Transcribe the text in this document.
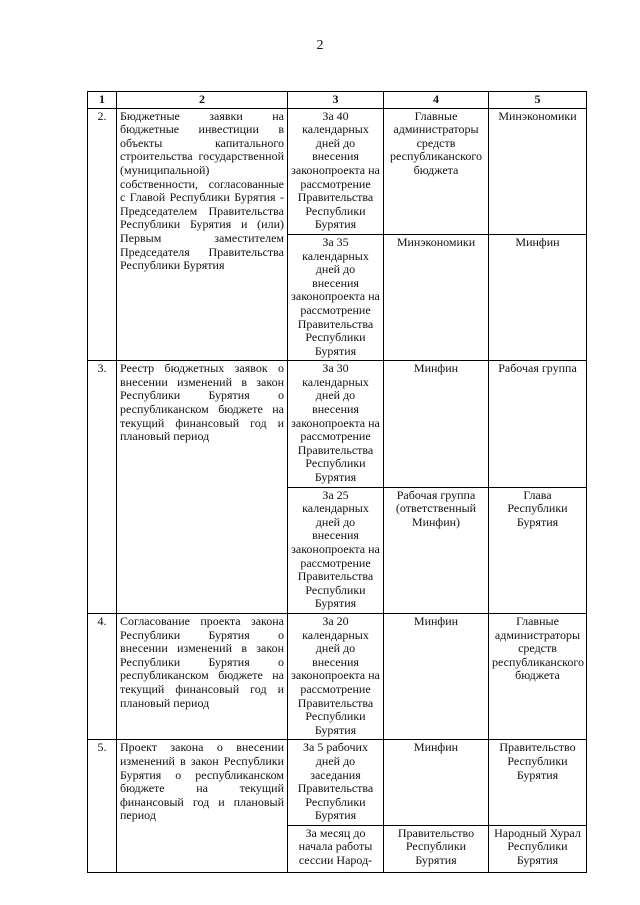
2
1	2	3	4	5
2.	Бюджетные заявки на бюджетные инвестиции в объекты капитального строительства государственной (муниципальной) собственности, согласованные с Главой Республики Бурятия - Председателем Правительства Республики Бурятия и (или) Первым заместителем Председателя Правительства Республики Бурятия	За 40 календарных дней до внесения законопроекта на рассмотрение Правительства Республики Бурятия	Главные администраторы средств республиканского бюджета	Минэкономики
		За 35 календарных дней до внесения законопроекта на рассмотрение Правительства Республики Бурятия	Минэкономики	Минфин
3.	Реестр бюджетных заявок о внесении изменений в закон Республики Бурятия о республиканском бюджете на текущий финансовый год и плановый период	За 30 календарных дней до внесения законопроекта на рассмотрение Правительства Республики Бурятия	Минфин	Рабочая группа
		За 25 календарных дней до внесения законопроекта на рассмотрение Правительства Республики Бурятия	Рабочая группа (ответственный Минфин)	Глава Республики Бурятия
4.	Согласование проекта закона Республики Бурятия о внесении изменений в закон Республики Бурятия о республиканском бюджете на текущий финансовый год и плановый период	За 20 календарных дней до внесения законопроекта на рассмотрение Правительства Республики Бурятия	Минфин	Главные администраторы средств республиканского бюджета
5.	Проект закона о внесении изменений в закон Республики Бурятия о республиканском бюджете на текущий финансовый год и плановый период	За 5 рабочих дней до заседания Правительства Республики Бурятия	Минфин	Правительство Республики Бурятия
		За месяц до начала работы сессии Народ-	Правительство Республики Бурятия	Народный Хурал Республики Бурятия
